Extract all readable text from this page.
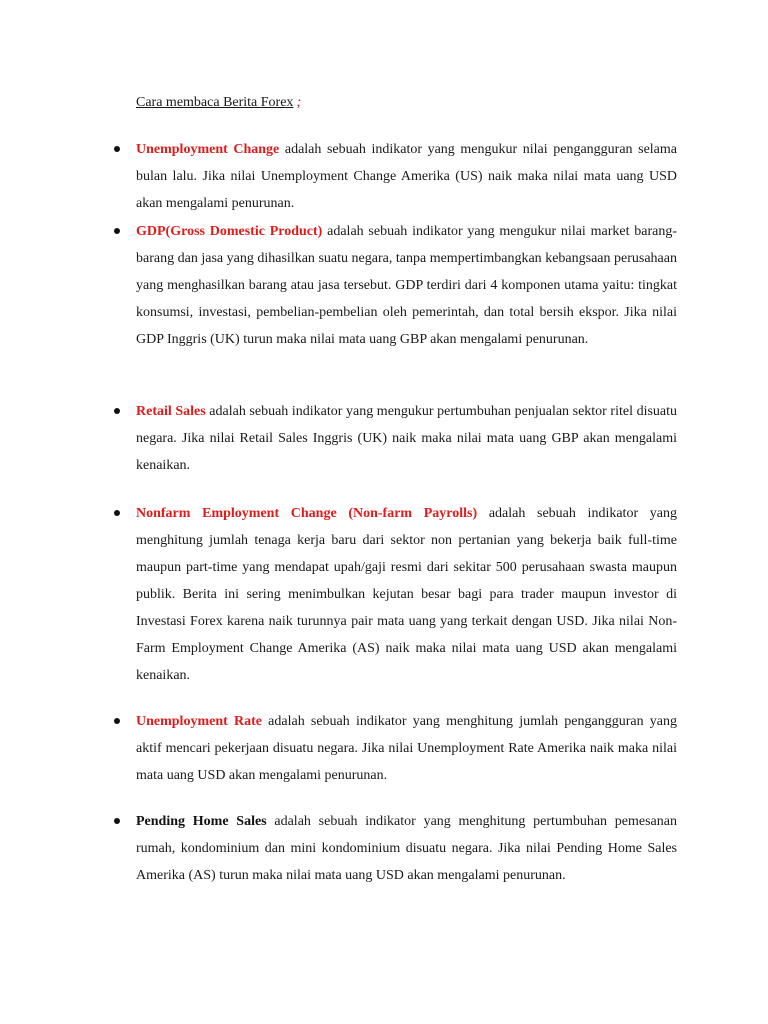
Cara membaca Berita Forex ;
Unemployment Change adalah sebuah indikator yang mengukur nilai pengangguran selama bulan lalu. Jika nilai Unemployment Change Amerika (US) naik maka nilai mata uang USD akan mengalami penurunan.
GDP(Gross Domestic Product) adalah sebuah indikator yang mengukur nilai market barang-barang dan jasa yang dihasilkan suatu negara, tanpa mempertimbangkan kebangsaan perusahaan yang menghasilkan barang atau jasa tersebut. GDP terdiri dari 4 komponen utama yaitu: tingkat konsumsi, investasi, pembelian-pembelian oleh pemerintah, dan total bersih ekspor. Jika nilai GDP Inggris (UK) turun maka nilai mata uang GBP akan mengalami penurunan.
Retail Sales adalah sebuah indikator yang mengukur pertumbuhan penjualan sektor ritel disuatu negara. Jika nilai Retail Sales Inggris (UK) naik maka nilai mata uang GBP akan mengalami kenaikan.
Nonfarm Employment Change (Non-farm Payrolls) adalah sebuah indikator yang menghitung jumlah tenaga kerja baru dari sektor non pertanian yang bekerja baik full-time maupun part-time yang mendapat upah/gaji resmi dari sekitar 500 perusahaan swasta maupun publik. Berita ini sering menimbulkan kejutan besar bagi para trader maupun investor di Investasi Forex karena naik turunnya pair mata uang yang terkait dengan USD. Jika nilai Non-Farm Employment Change Amerika (AS) naik maka nilai mata uang USD akan mengalami kenaikan.
Unemployment Rate adalah sebuah indikator yang menghitung jumlah pengangguran yang aktif mencari pekerjaan disuatu negara. Jika nilai Unemployment Rate Amerika naik maka nilai mata uang USD akan mengalami penurunan.
Pending Home Sales adalah sebuah indikator yang menghitung pertumbuhan pemesanan rumah, kondominium dan mini kondominium disuatu negara. Jika nilai Pending Home Sales Amerika (AS) turun maka nilai mata uang USD akan mengalami penurunan.
